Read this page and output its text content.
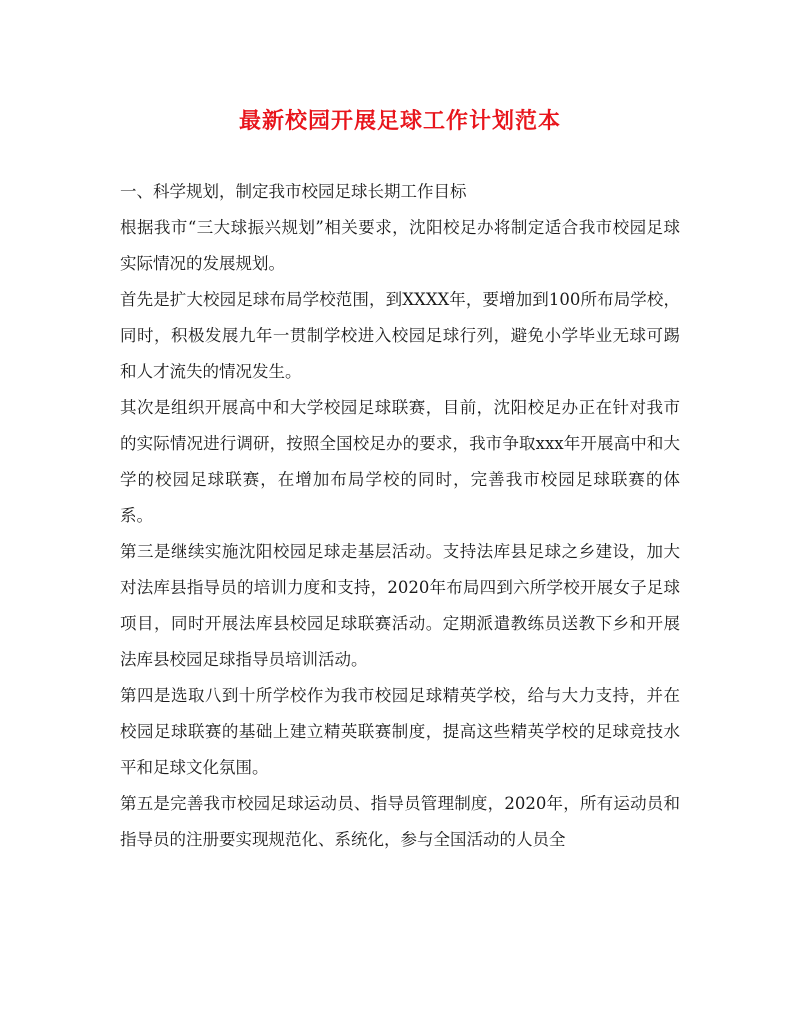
最新校园开展足球工作计划范本

一、科学规划，制定我市校园足球长期工作目标

根据我市“三大球振兴规划”相关要求，沈阳校足办将制定适合我市校园足球实际情况的发展规划。

首先是扩大校园足球布局学校范围，到XXXX年，要增加到100所布局学校，同时，积极发展九年一贯制学校进入校园足球行列，避免小学毕业无球可踢和人才流失的情况发生。

其次是组织开展高中和大学校园足球联赛，目前，沈阳校足办正在针对我市的实际情况进行调研，按照全国校足办的要求，我市争取xxx年开展高中和大学的校园足球联赛，在增加布局学校的同时，完善我市校园足球联赛的体系。

第三是继续实施沈阳校园足球走基层活动。支持法库县足球之乡建设，加大对法库县指导员的培训力度和支持，2020年布局四到六所学校开展女子足球项目，同时开展法库县校园足球联赛活动。定期派遣教练员送教下乡和开展法库县校园足球指导员培训活动。

第四是选取八到十所学校作为我市校园足球精英学校，给与大力支持，并在校园足球联赛的基础上建立精英联赛制度，提高这些精英学校的足球竞技水平和足球文化氛围。

第五是完善我市校园足球运动员、指导员管理制度，2020年，所有运动员和指导员的注册要实现规范化、系统化，参与全国活动的人员全
